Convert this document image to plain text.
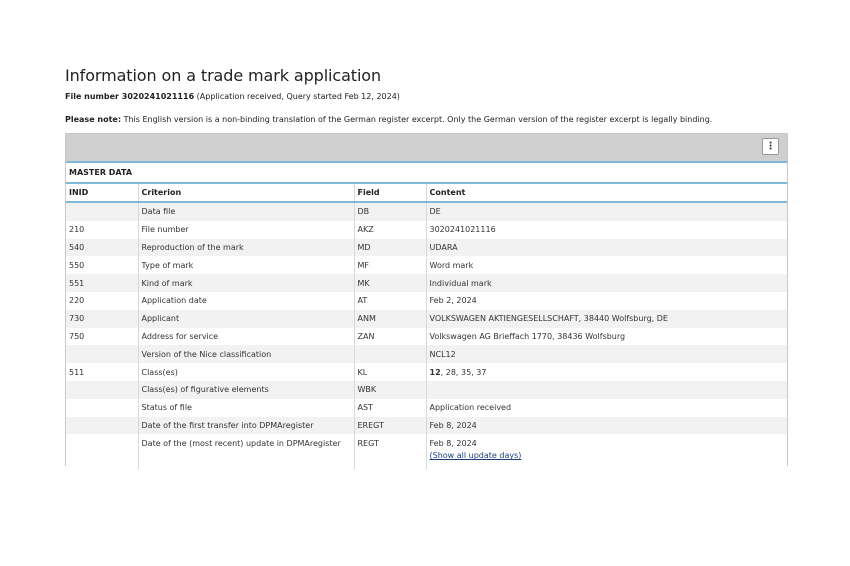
Information on a trade mark application
File number 3020241021116 (Application received, Query started Feb 12, 2024)
Please note: This English version is a non-binding translation of the German register excerpt. Only the German version of the register excerpt is legally binding.
⋮
MASTER DATA
INID	Criterion	Field	Content
	Data file	DB	DE
210	File number	AKZ	3020241021116
540	Reproduction of the mark	MD	UDARA
550	Type of mark	MF	Word mark
551	Kind of mark	MK	Individual mark
220	Application date	AT	Feb 2, 2024
730	Applicant	ANM	VOLKSWAGEN AKTIENGESELLSCHAFT, 38440 Wolfsburg, DE
750	Address for service	ZAN	Volkswagen AG Brieffach 1770, 38436 Wolfsburg
	Version of the Nice classification		NCL12
511	Class(es)	KL	12, 28, 35, 37
	Class(es) of figurative elements	WBK	
	Status of file	AST	Application received
	Date of the first transfer into DPMAregister	EREGT	Feb 8, 2024
	Date of the (most recent) update in DPMAregister	REGT	Feb 8, 2024
(Show all update days)
